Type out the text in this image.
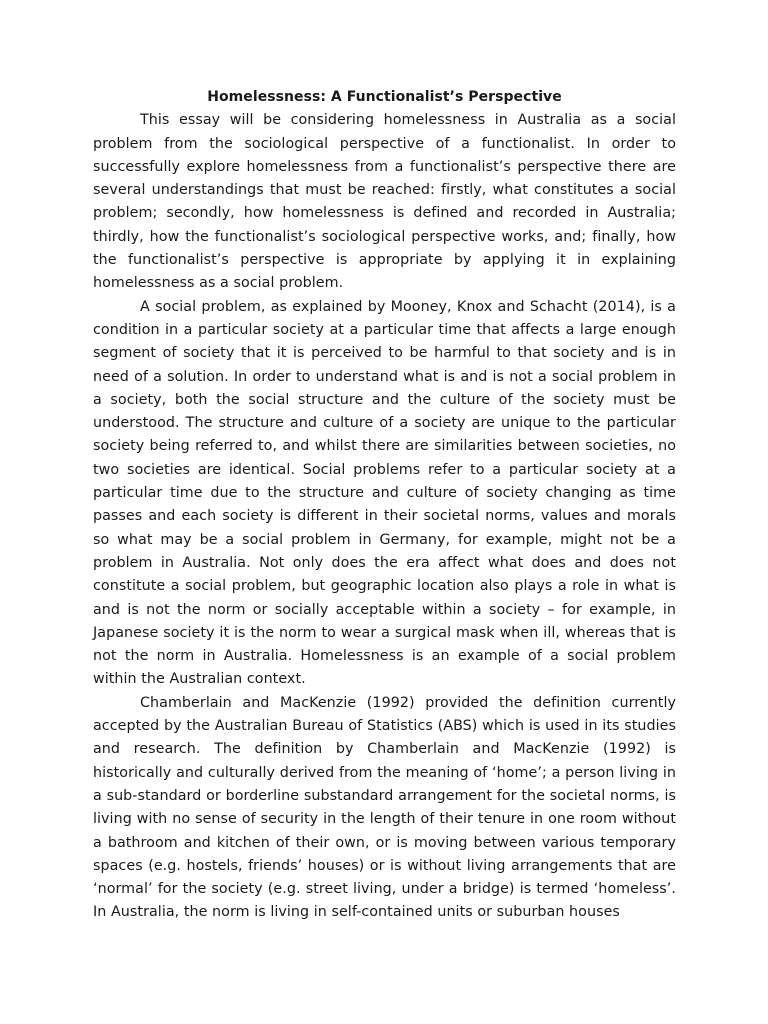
Homelessness: A Functionalist’s Perspective

This essay will be considering homelessness in Australia as a social problem from the sociological perspective of a functionalist. In order to successfully explore homelessness from a functionalist’s perspective there are several understandings that must be reached: firstly, what constitutes a social problem; secondly, how homelessness is defined and recorded in Australia; thirdly, how the functionalist’s sociological perspective works, and; finally, how the functionalist’s perspective is appropriate by applying it in explaining homelessness as a social problem.

A social problem, as explained by Mooney, Knox and Schacht (2014), is a condition in a particular society at a particular time that affects a large enough segment of society that it is perceived to be harmful to that society and is in need of a solution. In order to understand what is and is not a social problem in a society, both the social structure and the culture of the society must be understood. The structure and culture of a society are unique to the particular society being referred to, and whilst there are similarities between societies, no two societies are identical. Social problems refer to a particular society at a particular time due to the structure and culture of society changing as time passes and each society is different in their societal norms, values and morals so what may be a social problem in Germany, for example, might not be a problem in Australia. Not only does the era affect what does and does not constitute a social problem, but geographic location also plays a role in what is and is not the norm or socially acceptable within a society – for example, in Japanese society it is the norm to wear a surgical mask when ill, whereas that is not the norm in Australia. Homelessness is an example of a social problem within the Australian context.

Chamberlain and MacKenzie (1992) provided the definition currently accepted by the Australian Bureau of Statistics (ABS) which is used in its studies and research. The definition by Chamberlain and MacKenzie (1992) is historically and culturally derived from the meaning of ‘home’; a person living in a sub-standard or borderline substandard arrangement for the societal norms, is living with no sense of security in the length of their tenure in one room without a bathroom and kitchen of their own, or is moving between various temporary spaces (e.g. hostels, friends’ houses) or is without living arrangements that are ‘normal’ for the society (e.g. street living, under a bridge) is termed ‘homeless’. In Australia, the norm is living in self-contained units or suburban houses
